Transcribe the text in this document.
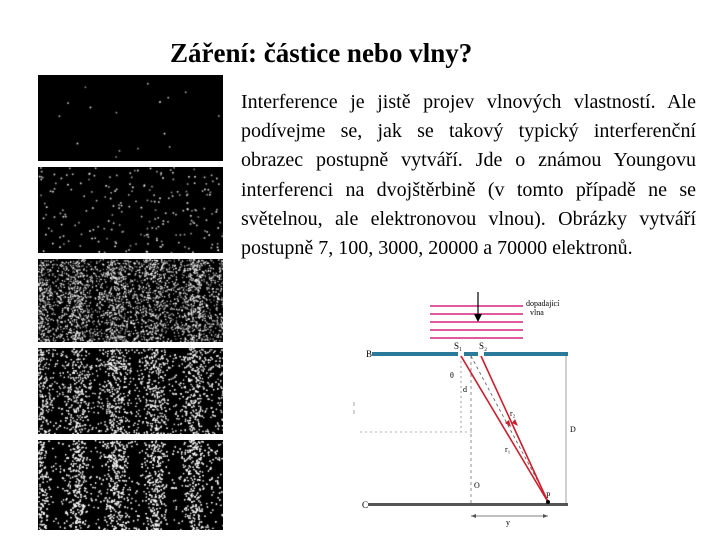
Záření: částice nebo vlny?

Interference je jistě projev vlnových vlastností. Ale podívejme se, jak se takový typický interferenční obrazec postupně vytváří. Jde o známou Youngovu interferenci na dvojštěrbině (v tomto případě ne se světelnou, ale elektronovou vlnou). Obrázky vytváří postupně 7, 100, 3000, 20000 a 70000 elektronů.

dopadající
vlna
B
S₁ S₂
θ
d
r₂
r₁
D
O
C
P
y
